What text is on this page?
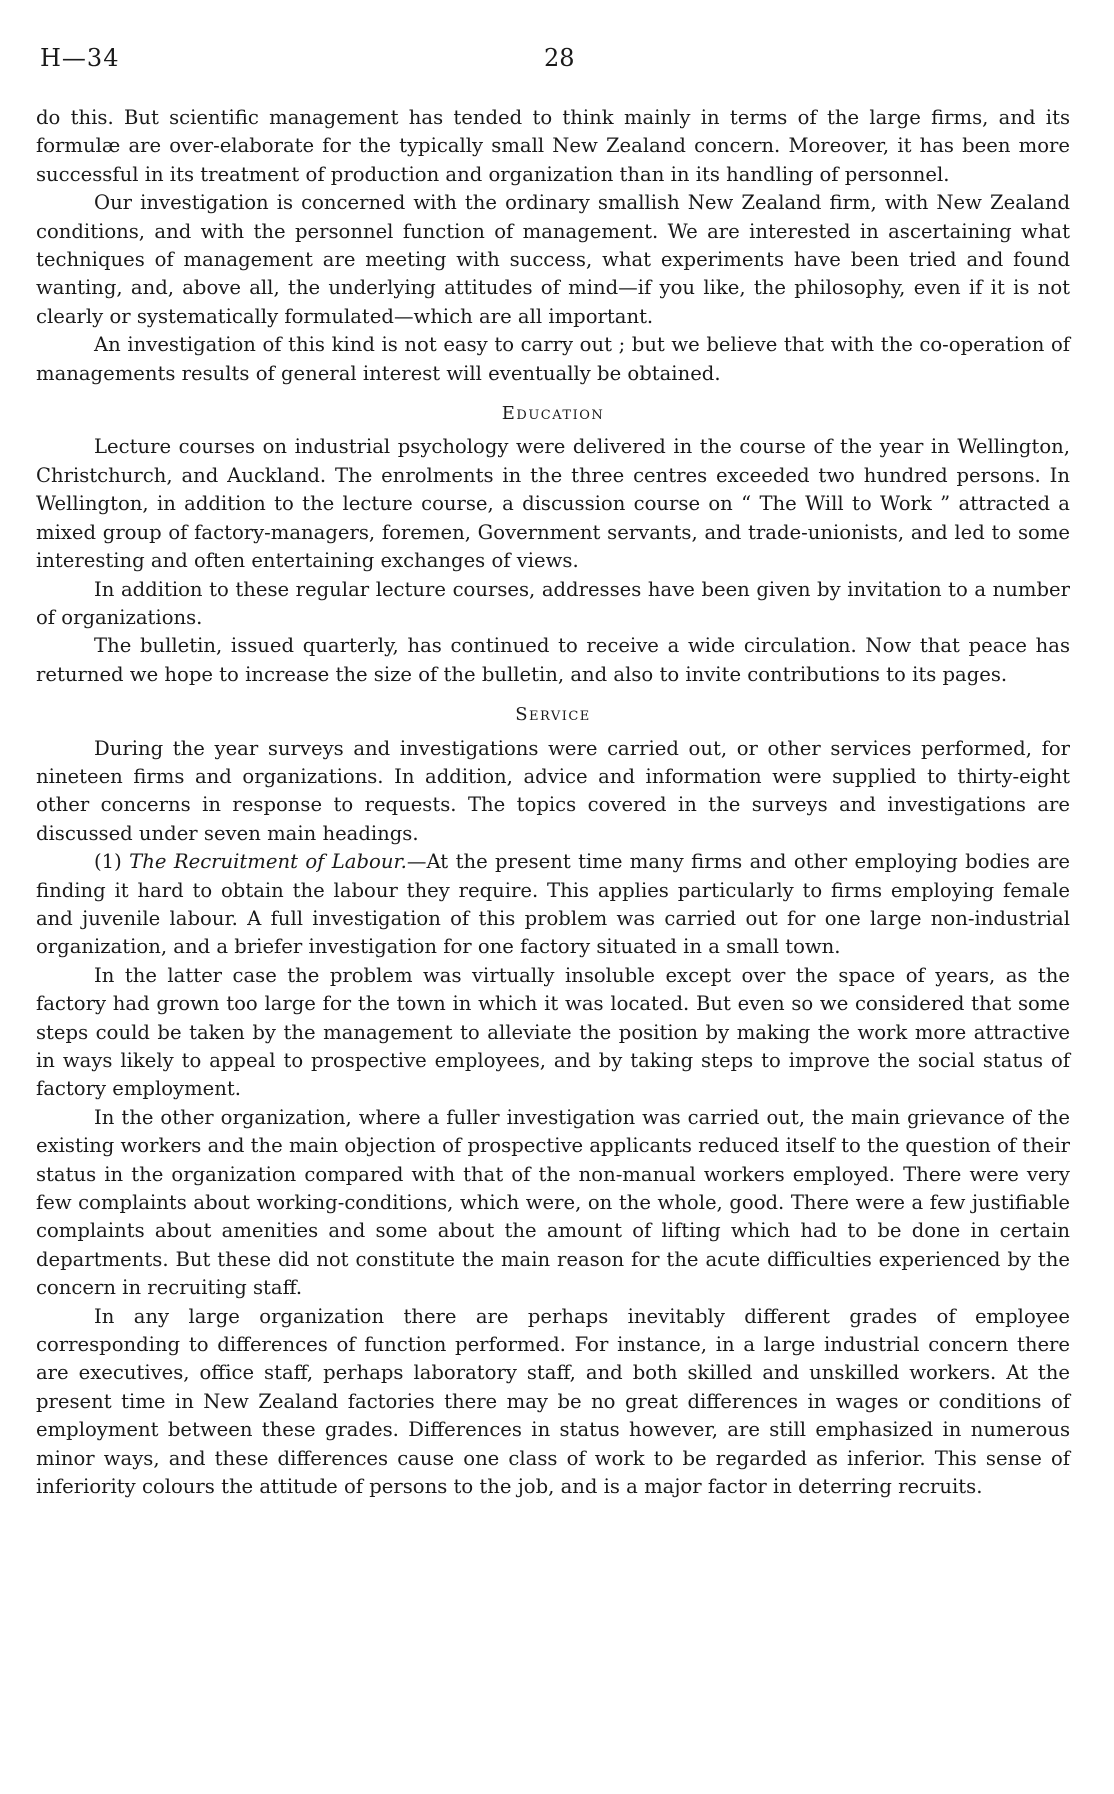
H—34	28

do this. But scientific management has tended to think mainly in terms of the large firms, and its formulæ are over-elaborate for the typically small New Zealand concern. Moreover, it has been more successful in its treatment of production and organization than in its handling of personnel.

Our investigation is concerned with the ordinary smallish New Zealand firm, with New Zealand conditions, and with the personnel function of management. We are interested in ascertaining what techniques of management are meeting with success, what experiments have been tried and found wanting, and, above all, the underlying attitudes of mind—if you like, the philosophy, even if it is not clearly or systematically formulated—which are all important.

An investigation of this kind is not easy to carry out ; but we believe that with the co-operation of managements results of general interest will eventually be obtained.

Education

Lecture courses on industrial psychology were delivered in the course of the year in Wellington, Christchurch, and Auckland. The enrolments in the three centres exceeded two hundred persons. In Wellington, in addition to the lecture course, a discussion course on “ The Will to Work ” attracted a mixed group of factory-managers, foremen, Government servants, and trade-unionists, and led to some interesting and often entertaining exchanges of views.

In addition to these regular lecture courses, addresses have been given by invitation to a number of organizations.

The bulletin, issued quarterly, has continued to receive a wide circulation. Now that peace has returned we hope to increase the size of the bulletin, and also to invite contributions to its pages.

Service

During the year surveys and investigations were carried out, or other services performed, for nineteen firms and organizations. In addition, advice and information were supplied to thirty-eight other concerns in response to requests. The topics covered in the surveys and investigations are discussed under seven main headings.

(1) The Recruitment of Labour.—At the present time many firms and other employing bodies are finding it hard to obtain the labour they require. This applies particularly to firms employing female and juvenile labour. A full investigation of this problem was carried out for one large non-industrial organization, and a briefer investigation for one factory situated in a small town.

In the latter case the problem was virtually insoluble except over the space of years, as the factory had grown too large for the town in which it was located. But even so we considered that some steps could be taken by the management to alleviate the position by making the work more attractive in ways likely to appeal to prospective employees, and by taking steps to improve the social status of factory employment.

In the other organization, where a fuller investigation was carried out, the main grievance of the existing workers and the main objection of prospective applicants reduced itself to the question of their status in the organization compared with that of the non-manual workers employed. There were very few complaints about working-conditions, which were, on the whole, good. There were a few justifiable complaints about amenities and some about the amount of lifting which had to be done in certain departments. But these did not constitute the main reason for the acute difficulties experienced by the concern in recruiting staff.

In any large organization there are perhaps inevitably different grades of employee corresponding to differences of function performed. For instance, in a large industrial concern there are executives, office staff, perhaps laboratory staff, and both skilled and unskilled workers. At the present time in New Zealand factories there may be no great differences in wages or conditions of employment between these grades. Differences in status however, are still emphasized in numerous minor ways, and these differences cause one class of work to be regarded as inferior. This sense of inferiority colours the attitude of persons to the job, and is a major factor in deterring recruits.
